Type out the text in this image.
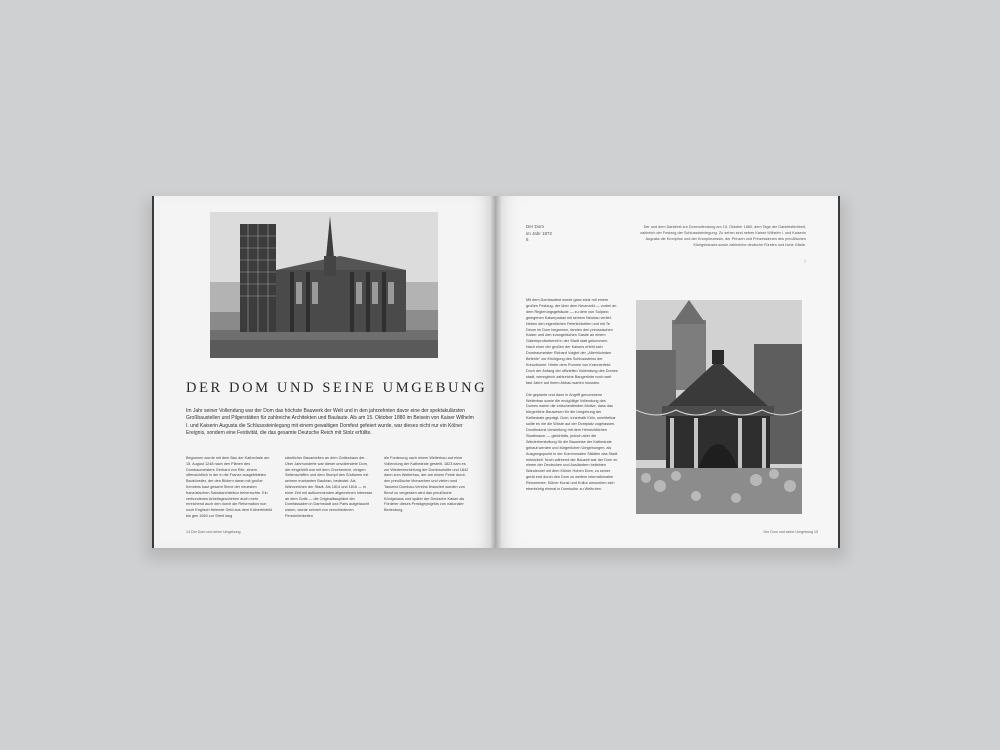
DER DOM UND SEINE UMGEBUNG
Im Jahr seiner Vollendung war der Dom das höchste Bauwerk der Welt und in den jahrzehnten davor eine der spektakulärsten Großbaustellen und Pilgerstätten für zahlreiche Architekten und Baulaute. Als am 15. Oktober 1880 im Beisein von Kaiser Wilhelm I. und Kaiserin Augusta die Schlusssteinlegung mit einem gewaltigen Domfest gefeiert wurde, war dieses nicht nur ein Kölner Ereignis, sondern eine Festivität, die das gesamte Deutsche Reich mit Stolz erfüllte.
Begonnen wurde mit dem Bau der Kathedrale am 15. August 1248 nach den Plänen des Dombaumeisters Gerhard von Rile, einem offensichtlich in der in die Franze ausgebildeten Baukünstler, der den Bildern daran mit großer Kenntnis baut gesamt Sinne der neuesten französischen Sakralarchitektur beherrschte. Ein verbundenes Arbeitsgeschehen auch mehr erreichend auch den durch die Reformation nun noch Englisch freiende Geld aus dem Kölnerbistrikt bis gen 1560 zur Streit lang
sämtlicher Bauarbeiten an dem Gotteshaus der. Über Jahrhunderte war dieser unvollendete Dom, der eingehüllt war mit dem Chorbereich, einigen Seitenschiffen und dem Stumpf des Südturms mit seinem markanten Baukran, bedeutet. Als Wahrzeichen der Stadt. Als 1814 und 1816 — in einer Zeit mit aufkommenden allgemeinen Interesse an dem Gotik — die Originalbaupläne der Domfassaden in Darmstadt und Paris aufgetaucht waren, wurde schnell von verschiedenen Persönlichkeiten
die Forderung nach einem Weiterbau auf einer Vollendung der Kathedrale gestellt. 1823 kam es zur Wiedereinrichtung der Dombauhütte und 1842 dann zum Weiterbau, der am einem Feste durch den preußische Monarchen und vielen rund Tausend Dombau-Vereins finanziert wurden von Beruf zu vergessen wird das preußische Königshaus und später der Deutsche Kaiser als Förderer dieses Prestigeprojekts von nationaler Bedeutung.
14 Der Dom und seine Umgebung
Der Dom
im Jahr 1872
6
Der und dem Dankfest zur Domvollendung am 15. Oktober 1880, dem Tage der Dankfestlichkeit, zahlreich der Festzug der Schlusssteinlegung. Zu sehen sind neben Kaiser Wilhelm I. und Kaiserin Augusta die Kronprinz und der Kronprinzessin, der Prinzen und Prinzessinnen des preußischen Königshauses sowie zahlreiche deutsche Fürsten und hohe Gäste.
7
Mit dem Dombaufest wurde ganz stolz mit einem großen Festzug, der über dem Neumarkt — vorbei an dem Regierungsgebäude — zu dem von Sulpizio gelegenen Kaiserpalast mit seinem Neubau verlief. Neben den eigentlichen Feierlichkeiten und mit Te Deum im Dom begannen, fanden den preussischen Kaiser und den evangelischen Gastle an einem Galerieprofanbereit in der Stadt statt gekommen. Nach einer der großen der Kaisers erlebt sich Dombaumeister Richard Voigtel der „Allerhöchsten Befehle“ zur Kirchgung des Schlusssteins der Kreuzblume. Hinter dem Pomme von Krannenfeld: Doch der Anfang der offiziellen Vollendung des Domes stadt, wenngleich zahlreiche Baugerüste noch weit fast Jahre auf ihrem Abbau warten mussten.
Die geplante und dann in Angriff genommene Weiterbau sowie die endgültige Vollendung des Domes waren die entscheidenden Motive, dass das bürgerliche Bauwesen für die Umgebung der Kathedrale geprägt. Dom, innerhalb Köln, unmittelbar sollte es nie die Wüste auf der Domplatz zugelassen. Domfindorst Umstellung mit dem Heinrichtlichen Stadtmauer — gleichfalls, jedoch aber die Wiederherstellung für die Bauweise der Kathedrale gebaut werden und bürgerlichen Umgebungen, als Ausgangspunkt in der Kommunalen Städten das Stadt entwickelt. Noch während der Bauzeit war der Dom zu einem der Deutschen und Ausländern beliebten Wanderziel mit dem Kölner Hohen Dom, zu seiner gerät erst durch den Dom zu weitem internationalen Renommee. Kölner Kunst und Kultur umworben sich ebenbürtig einmal in Domkultur zu Weltruhm.
Der Dom und seine Umgebung 15
